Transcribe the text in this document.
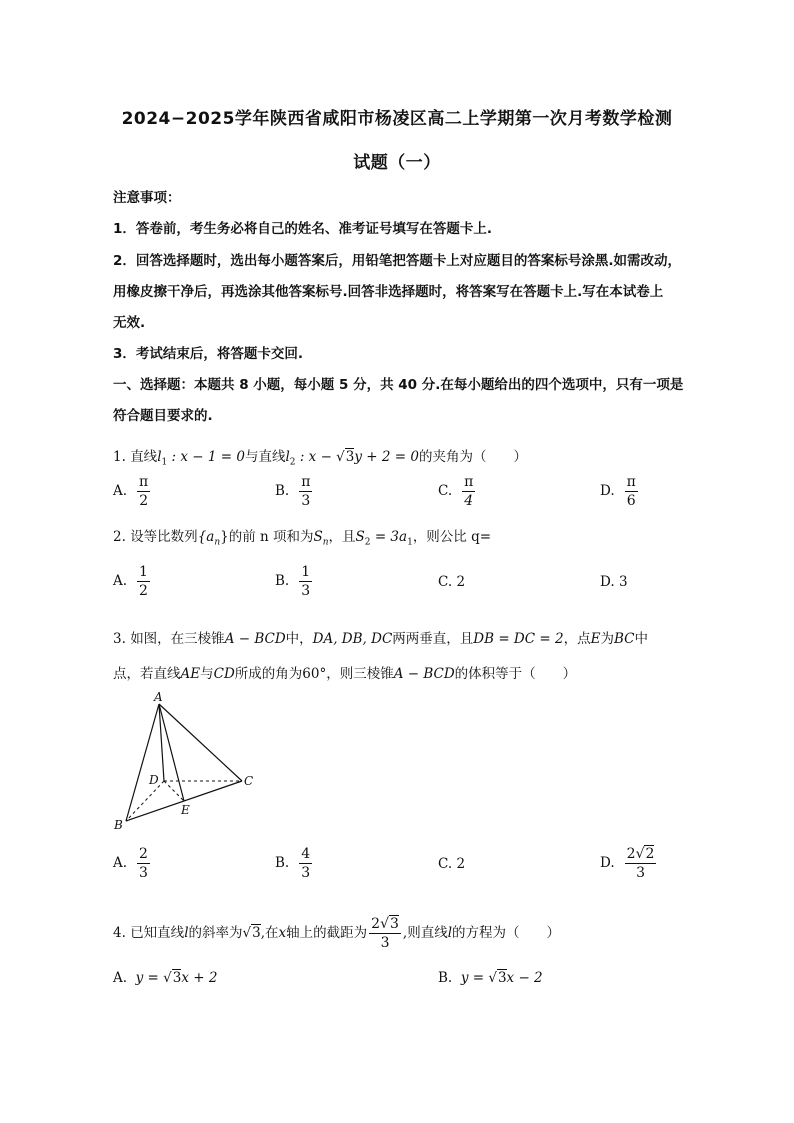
2024−2025学年陕西省咸阳市杨凌区高二上学期第一次月考数学检测
试题（一）
注意事项：
1．答卷前，考生务必将自己的姓名、准考证号填写在答题卡上.
2．回答选择题时，选出每小题答案后，用铅笔把答题卡上对应题目的答案标号涂黑.如需改动，
用橡皮擦干净后，再选涂其他答案标号.回答非选择题时，将答案写在答题卡上.写在本试卷上
无效.
3．考试结束后，将答题卡交回.
一、选择题：本题共 8 小题，每小题 5 分，共 40 分.在每小题给出的四个选项中，只有一项是
符合题目要求的.
1. 直线$l_1$ : x − 1 = 0与直线$l_2$ : x − √3y + 2 = 0的夹角为（　　）
A. $\frac{\pi}{2}$	B. $\frac{\pi}{3}$	C. $\frac{\pi}{4}$	D. $\frac{\pi}{6}$
2. 设等比数列$\{a_n\}$的前 n 项和为$S_n$，且$S_2 = 3a_1$，则公比 q=
A. $\frac{1}{2}$	B. $\frac{1}{3}$	C. 2	D. 3
3. 如图，在三棱锥A − BCD中，DA, DB, DC两两垂直，且DB = DC = 2，点E为BC中
点，若直线AE与CD所成的角为60°，则三棱锥A − BCD的体积等于（　　）
A
B
C
D
E
A. $\frac{2}{3}$	B. $\frac{4}{3}$	C. 2	D. $\frac{2√2}{3}$
4. 已知直线l的斜率为√3,在x轴上的截距为 $\frac{2√3}{3}$ ,则直线l的方程为（　　）
A. y = √3x + 2	B. y = √3x − 2
